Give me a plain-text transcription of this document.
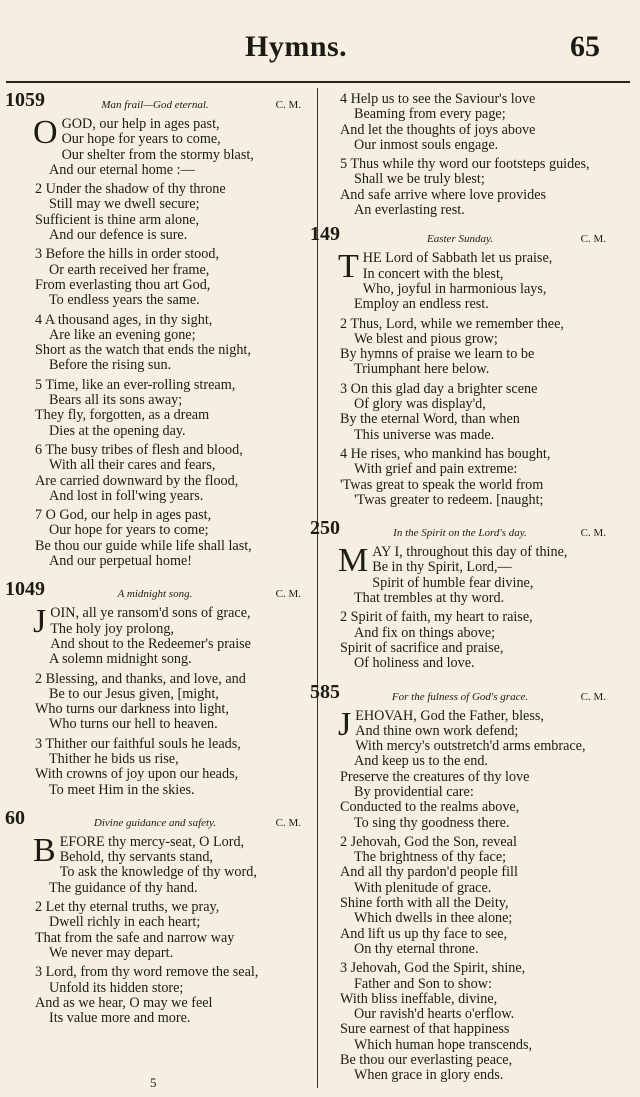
Hymns.	65
1059	Man frail—God eternal.	C. M.
OGOD, our help in ages past,
Our hope for years to come,
Our shelter from the stormy blast,
And our eternal home :—
2 Under the shadow of thy throne
Still may we dwell secure;
Sufficient is thine arm alone,
And our defence is sure.
3 Before the hills in order stood,
Or earth received her frame,
From everlasting thou art God,
To endless years the same.
4 A thousand ages, in thy sight,
Are like an evening gone;
Short as the watch that ends the night,
Before the rising sun.
5 Time, like an ever-rolling stream,
Bears all its sons away;
They fly, forgotten, as a dream
Dies at the opening day.
6 The busy tribes of flesh and blood,
With all their cares and fears,
Are carried downward by the flood,
And lost in foll'wing years.
7 O God, our help in ages past,
Our hope for years to come;
Be thou our guide while life shall last,
And our perpetual home!
1049	A midnight song.	C. M.
JOIN, all ye ransom'd sons of grace,
The holy joy prolong,
And shout to the Redeemer's praise
A solemn midnight song.
2 Blessing, and thanks, and love, and
Be to our Jesus given, [might,
Who turns our darkness into light,
Who turns our hell to heaven.
3 Thither our faithful souls he leads,
Thither he bids us rise,
With crowns of joy upon our heads,
To meet Him in the skies.
60	Divine guidance and safety.	C. M.
BEFORE thy mercy-seat, O Lord,
Behold, thy servants stand,
To ask the knowledge of thy word,
The guidance of thy hand.
2 Let thy eternal truths, we pray,
Dwell richly in each heart;
That from the safe and narrow way
We never may depart.
3 Lord, from thy word remove the seal,
Unfold its hidden store;
And as we hear, O may we feel
Its value more and more.
4 Help us to see the Saviour's love
Beaming from every page;
And let the thoughts of joys above
Our inmost souls engage.
5 Thus while thy word our footsteps guides,
Shall we be truly blest;
And safe arrive where love provides
An everlasting rest.
149	Easter Sunday.	C. M.
THE Lord of Sabbath let us praise,
In concert with the blest,
Who, joyful in harmonious lays,
Employ an endless rest.
2 Thus, Lord, while we remember thee,
We blest and pious grow;
By hymns of praise we learn to be
Triumphant here below.
3 On this glad day a brighter scene
Of glory was display'd,
By the eternal Word, than when
This universe was made.
4 He rises, who mankind has bought,
With grief and pain extreme:
'Twas great to speak the world from
'Twas greater to redeem. [naught;
250	In the Spirit on the Lord's day.	C. M.
MAY I, throughout this day of thine,
Be in thy Spirit, Lord,—
Spirit of humble fear divine,
That trembles at thy word.
2 Spirit of faith, my heart to raise,
And fix on things above;
Spirit of sacrifice and praise,
Of holiness and love.
585	For the fulness of God's grace.	C. M.
JEHOVAH, God the Father, bless,
And thine own work defend;
With mercy's outstretch'd arms embrace,
And keep us to the end.
Preserve the creatures of thy love
By providential care:
Conducted to the realms above,
To sing thy goodness there.
2 Jehovah, God the Son, reveal
The brightness of thy face;
And all thy pardon'd people fill
With plenitude of grace.
Shine forth with all the Deity,
Which dwells in thee alone;
And lift us up thy face to see,
On thy eternal throne.
3 Jehovah, God the Spirit, shine,
Father and Son to show:
With bliss ineffable, divine,
Our ravish'd hearts o'erflow.
Sure earnest of that happiness
Which human hope transcends,
Be thou our everlasting peace,
When grace in glory ends.
5
